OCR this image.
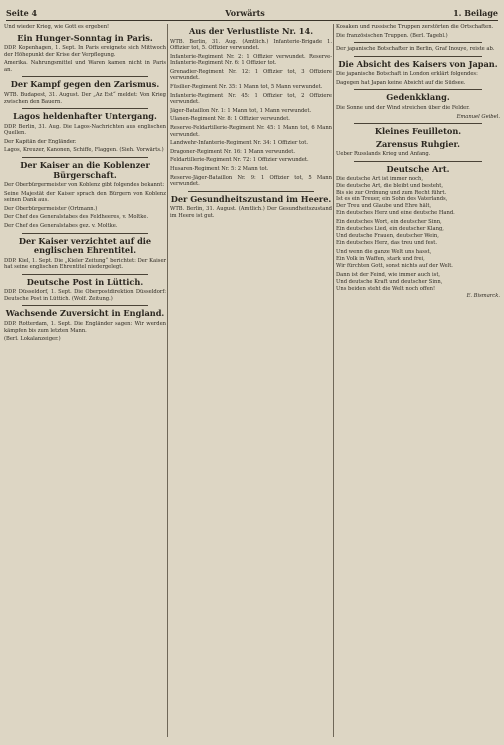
Seite 4	Vorwärts	1. Beilage
Und wieder Krieg, wie Gott es ergeben!
Ein Hunger-Sonntag in Paris.
DDP. Kopenhagen, 1. Sept. In Paris ereignete sich Mittwoch der Höhepunkt der Krise der Verpflegung.
Amerika. Nahrungsmittel und Waren kamen nicht in Paris an.
Der Kampf gegen den Zarismus.
WTB. Budapest, 31. August. Der „Az Est“ meldet: Von Krieg zwischen den Bauern.
Lagos heldenhafter Untergang.
DDP. Berlin, 31. Aug. Die Lagos-Nachrichten aus englischen Quellen.
Der Kapitän der Engländer.
Lagos, Kreuzer, Kanonen, Schiffe, Flaggen. (Sieh. Vorwärts.)
Der Kaiser an die Koblenzer Bürgerschaft.
Der Oberbürgermeister von Koblenz gibt folgendes bekannt:
Seine Majestät der Kaiser sprach den Bürgern von Koblenz seinen Dank aus.
Der Oberbürgermeister (Ortmann.)
Der Chef des Generalstabes des Feldheeres, v. Moltke.
Der Chef des Generalstabes gez. v. Moltke.
Der Kaiser verzichtet auf die englischen Ehrentitel.
DDP. Kiel, 1. Sept. Die „Kieler Zeitung“ berichtet: Der Kaiser hat seine englischen Ehrentitel niedergelegt.
Deutsche Post in Lüttich.
DDP. Düsseldorf, 1. Sept. Die Oberpostdirektion Düsseldorf: Deutsche Post in Lüttich. (Wolf. Zeitung.)
Wachsende Zuversicht in England.
DDP. Rotterdam, 1. Sept. Die Engländer sagen: Wir werden kämpfen bis zum letzten Mann.
(Berl. Lokalanzeiger.)
Aus der Verlustliste Nr. 14.
WTB. Berlin, 31. Aug. (Amtlich.) Infanterie-Brigade 1. Offizier tot, 5. Offizier verwundet.
Infanterie-Regiment Nr. 2: 1 Offizier verwundet. Reserve-Infanterie-Regiment Nr. 6: 1 Offizier tot.
Grenadier-Regiment Nr. 12: 1 Offizier tot, 3 Offiziere verwundet.
Füsilier-Regiment Nr. 35: 1 Mann tot, 5 Mann verwundet.
Infanterie-Regiment Nr. 45: 1 Offizier tot, 2 Offiziere verwundet.
Jäger-Bataillon Nr. 1: 1 Mann tot, 1 Mann verwundet.
Ulanen-Regiment Nr. 8: 1 Offizier verwundet.
Reserve-Feldartillerie-Regiment Nr. 45: 1 Mann tot, 6 Mann verwundet.
Landwehr-Infanterie-Regiment Nr. 34: 1 Offizier tot.
Dragoner-Regiment Nr. 16: 1 Mann verwundet.
Feldartillerie-Regiment Nr. 72: 1 Offizier verwundet.
Husaren-Regiment Nr. 5: 2 Mann tot.
Reserve-Jäger-Bataillon Nr. 9: 1 Offizier tot, 5 Mann verwundet.
Der Gesundheitszustand im Heere.
WTB. Berlin, 31. August. (Amtlich.) Der Gesundheitszustand im Heere ist gut.
Kosaken und russische Truppen zerstörten die Ortschaften.
Die französischen Truppen. (Berl. Tagebl.)
Der japanische Botschafter in Berlin, Graf Inouye, reiste ab.
Die Absicht des Kaisers von Japan.
Die japanische Botschaft in London erklärt folgendes:
Dagegen hat Japan keine Absicht auf die Südsee.
Gedenkklang.
Die Sonne und der Wind streichen über die Felder.
Emanuel Geibel.
Kleines Feuilleton.
Zarensus Ruhgier.
Ueber Russlands Krieg und Anfang.
Deutsche Art.
Die deutsche Art ist immer noch,
Die deutsche Art, die bleibt und besteht,
Bis sie zur Ordnung und zum Recht führt.
Ist es ein Treuer, ein Sohn des Vaterlands,
Der Treu und Glaube und Ehre hält,
Ein deutsches Herz und eine deutsche Hand.
Ein deutsches Wort, ein deutscher Sinn,
Ein deutsches Lied, ein deutscher Klang,
Und deutsche Frauen, deutscher Wein,
Ein deutsches Herz, das treu und fest.
Und wenn die ganze Welt uns hasst,
Ein Volk in Waffen, stark und frei,
Wir fürchten Gott, sonst nichts auf der Welt.
Dann ist der Feind, wie immer auch ist,
Und deutsche Kraft und deutscher Sinn,
Uns beiden steht die Welt noch offen!
E. Bismarck.
